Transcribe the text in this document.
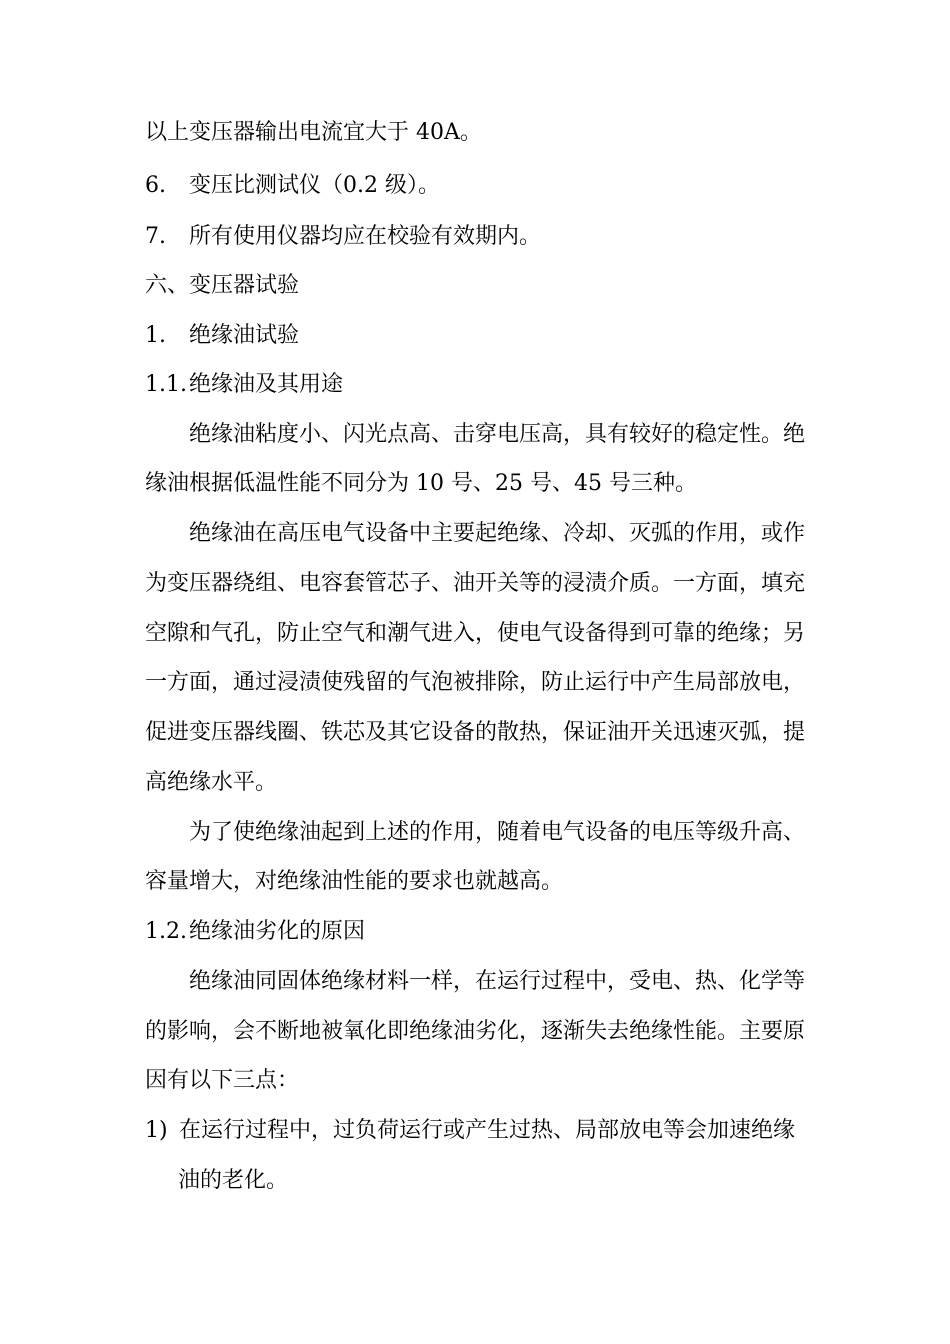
以上变压器输出电流宜大于 40A。
6. 变压比测试仪（0.2 级）。
7. 所有使用仪器均应在校验有效期内。
六、变压器试验
1. 绝缘油试验
1.1.绝缘油及其用途
绝缘油粘度小、闪光点高、击穿电压高，具有较好的稳定性。绝
缘油根据低温性能不同分为 10 号、25 号、45 号三种。
绝缘油在高压电气设备中主要起绝缘、冷却、灭弧的作用，或作
为变压器绕组、电容套管芯子、油开关等的浸渍介质。一方面，填充
空隙和气孔，防止空气和潮气进入，使电气设备得到可靠的绝缘；另
一方面，通过浸渍使残留的气泡被排除，防止运行中产生局部放电，
促进变压器线圈、铁芯及其它设备的散热，保证油开关迅速灭弧，提
高绝缘水平。
为了使绝缘油起到上述的作用，随着电气设备的电压等级升高、
容量增大，对绝缘油性能的要求也就越高。
1.2.绝缘油劣化的原因
绝缘油同固体绝缘材料一样，在运行过程中，受电、热、化学等
的影响，会不断地被氧化即绝缘油劣化，逐渐失去绝缘性能。主要原
因有以下三点：
1) 在运行过程中，过负荷运行或产生过热、局部放电等会加速绝缘
油的老化。
